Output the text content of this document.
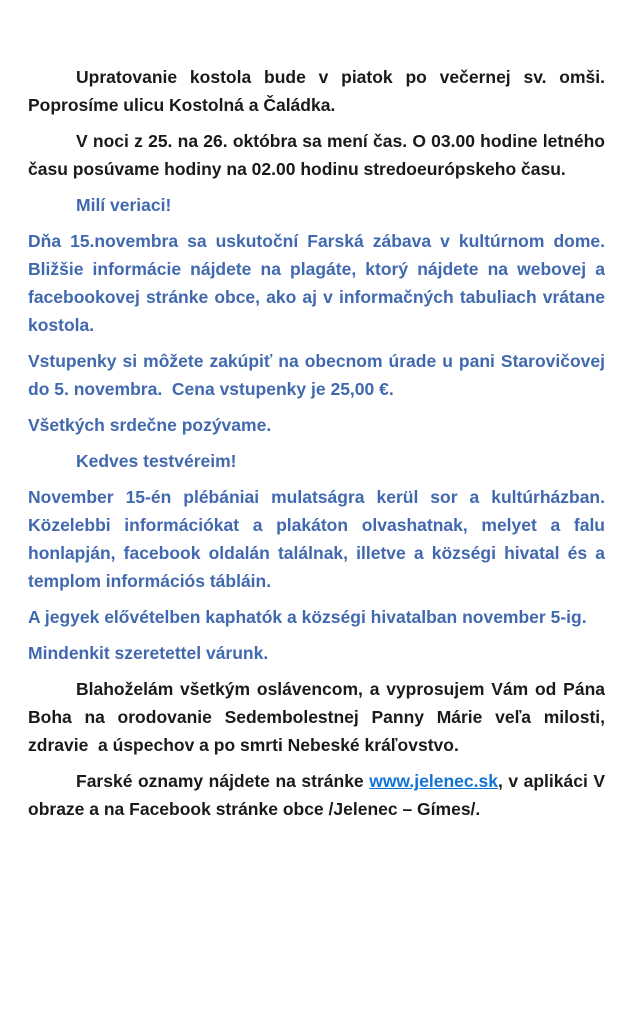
Upratovanie kostola bude v piatok po večernej sv. omši. Poprosíme ulicu Kostolná a Čaládka.

V noci z 25. na 26. októbra sa mení čas. O 03.00 hodine letného času posúvame hodiny na 02.00 hodinu stredoeurópskeho času.

Milí veriaci!

Dňa 15.novembra sa uskutoční Farská zábava v kultúrnom dome. Bližšie informácie nájdete na plagáte, ktorý nájdete na webovej a facebookovej stránke obce, ako aj v informačných tabuliach vrátane kostola.

Vstupenky si môžete zakúpiť na obecnom úrade u pani Starovičovej do 5. novembra.  Cena vstupenky je 25,00 €.

Všetkých srdečne pozývame.

Kedves testvéreim!

November 15-én plébániai mulatságra kerül sor a kultúrházban. Közelebbi információkat a plakáton olvashatnak, melyet a falu honlapján, facebook oldalán találnak, illetve a községi hivatal és a templom információs tábláin.

A jegyek elővételben kaphatók a községi hivatalban november 5-ig.

Mindenkit szeretettel várunk.

Blahoželám všetkým oslávencom, a vyprosujem Vám od Pána Boha na orodovanie Sedembolestnej Panny Márie veľa milosti, zdravie  a úspechov a po smrti Nebeské kráľovstvo.

Farské oznamy nájdete na stránke www.jelenec.sk, v aplikáci V obraze a na Facebook stránke obce /Jelenec – Gímes/.
